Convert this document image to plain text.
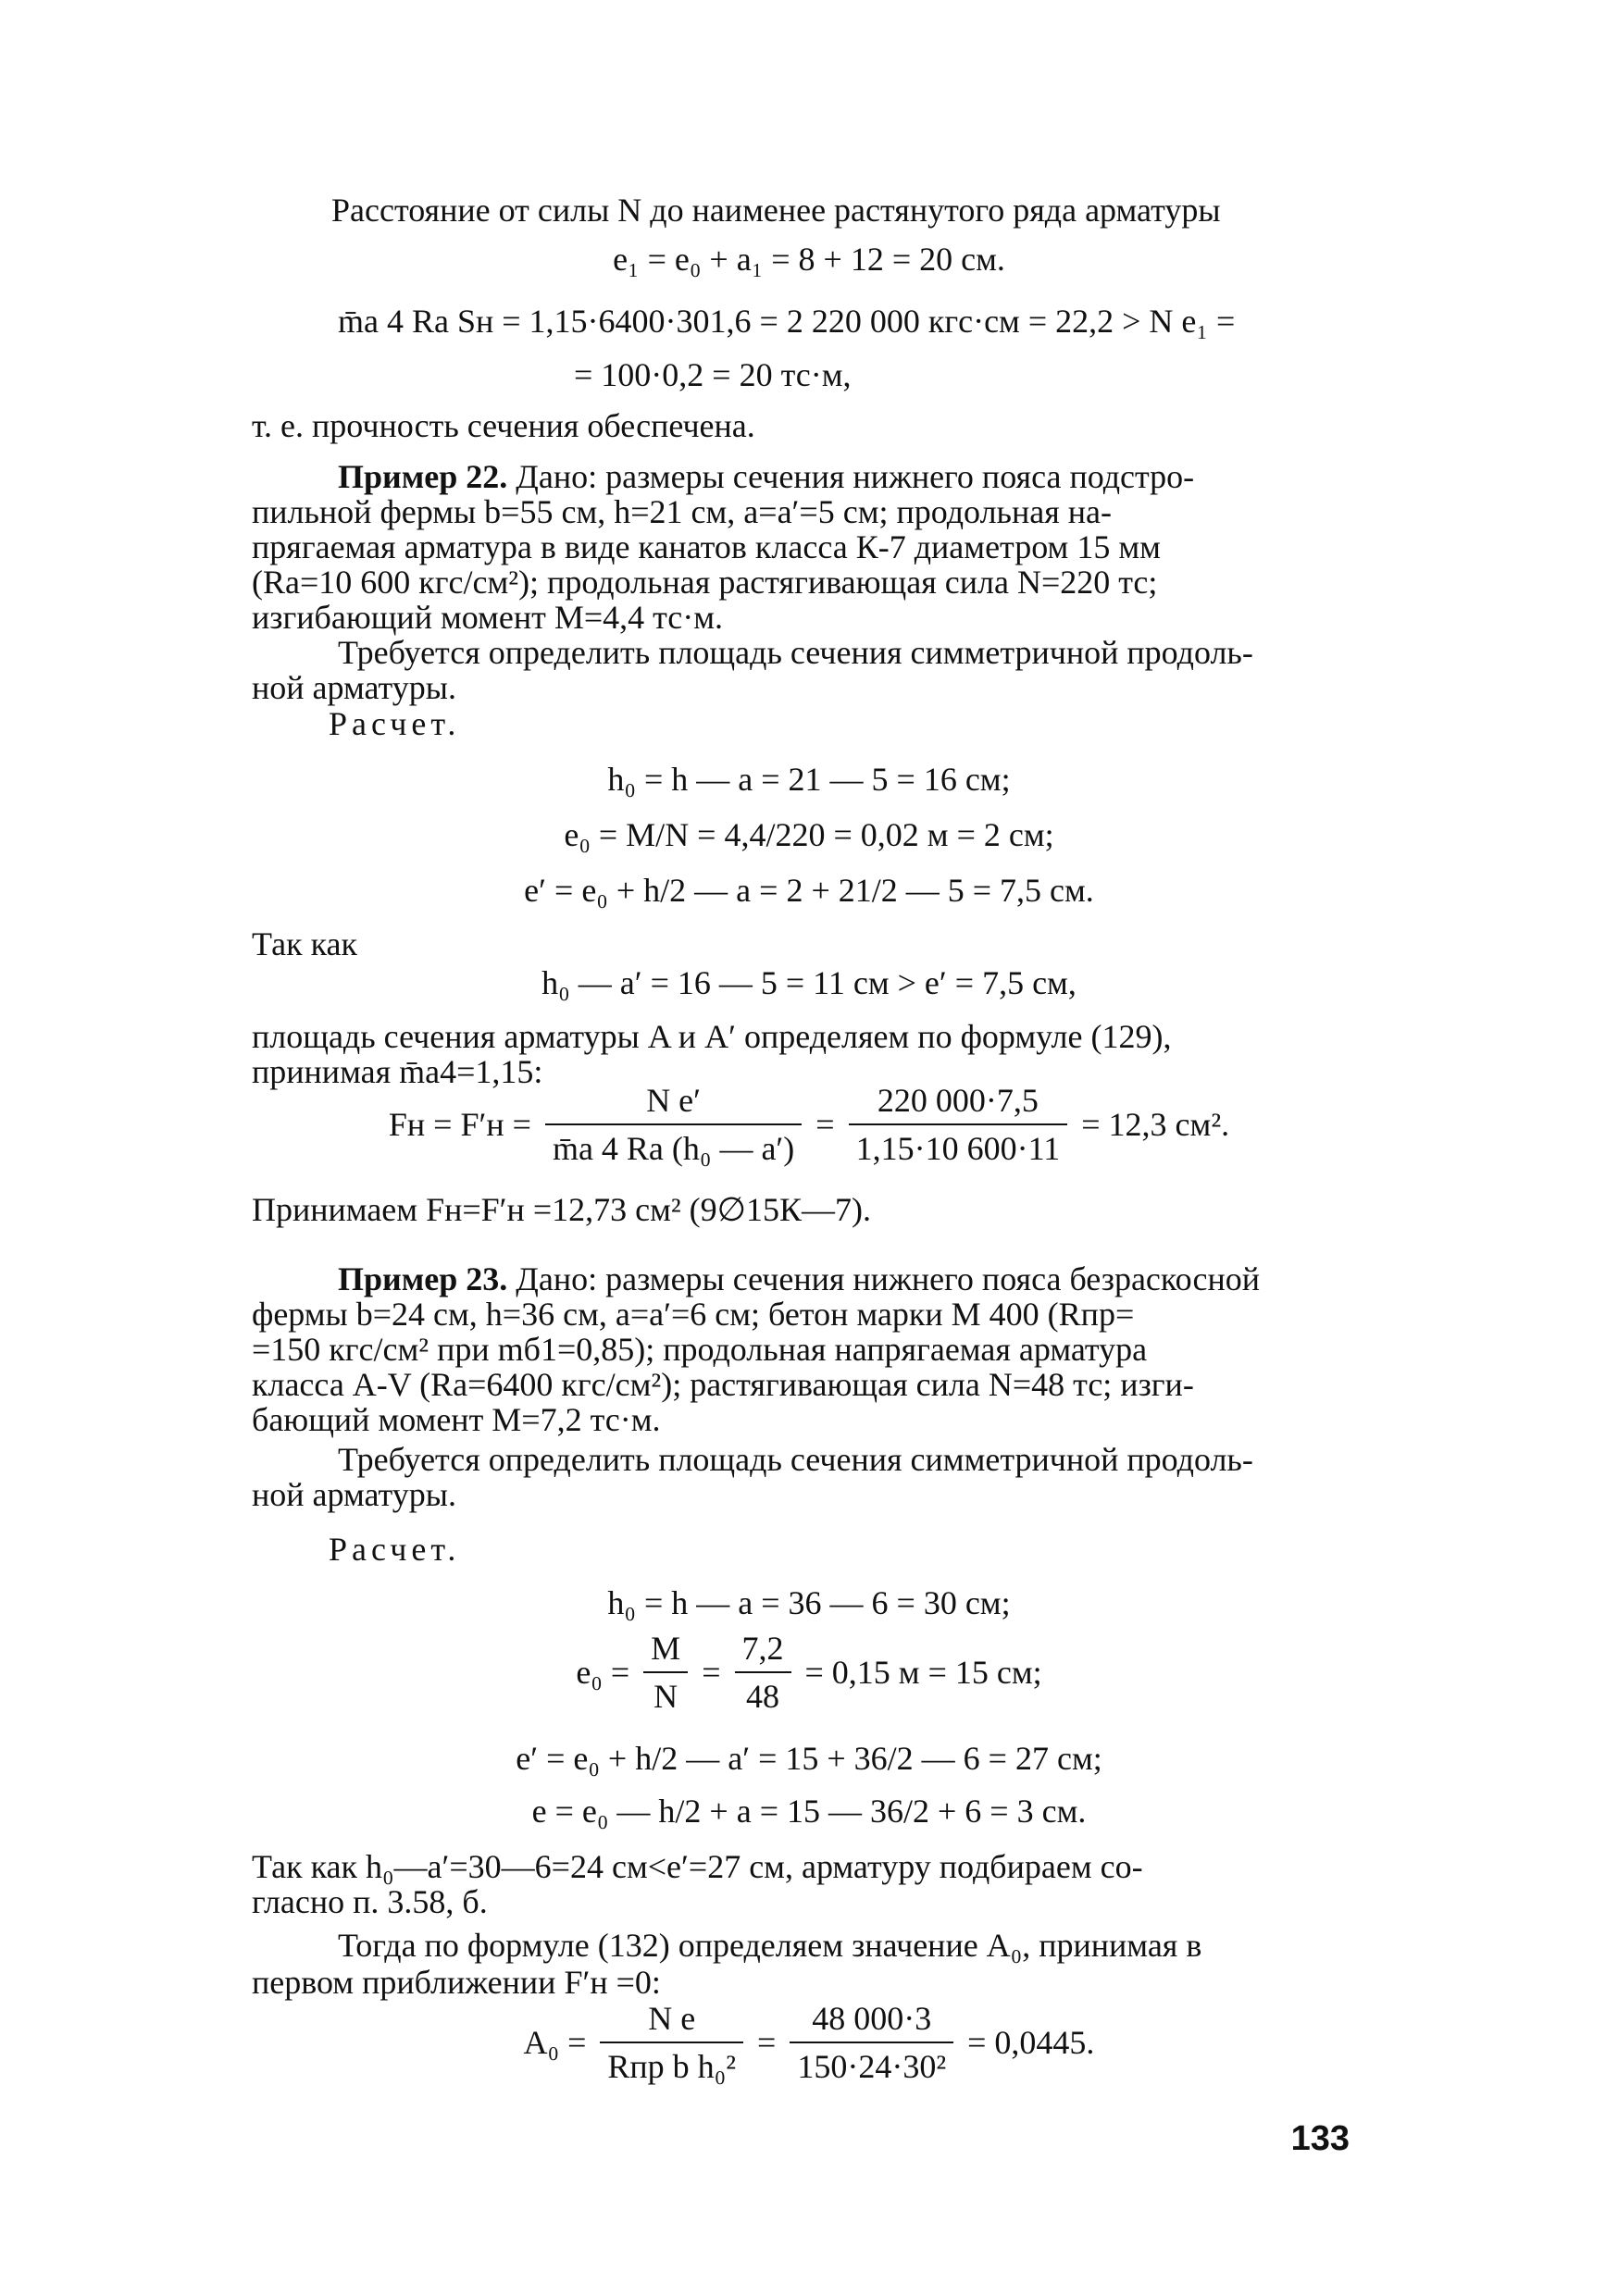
Расстояние от силы N до наименее растянутого ряда арматуры
e₁ = e₀ + a₁ = 8 + 12 = 20 см.
m̄а 4 Rа Sн = 1,15·6400·301,6 = 2 220 000 кгс·см = 22,2 > N e₁ =
= 100·0,2 = 20 тс·м,
т. е. прочность сечения обеспечена.
Пример 22. Дано: размеры сечения нижнего пояса подстро-
пильной фермы b=55 см, h=21 см, a=a′=5 см; продольная на-
прягаемая арматура в виде канатов класса К-7 диаметром 15 мм
(Rа=10 600 кгс/см²); продольная растягивающая сила N=220 тс;
изгибающий момент M=4,4 тс·м.
Требуется определить площадь сечения симметричной продоль-
ной арматуры.
Расчет.
h₀ = h — a = 21 — 5 = 16 см;
e₀ = M/N = 4,4/220 = 0,02 м = 2 см;
e′ = e₀ + h/2 — a = 2 + 21/2 — 5 = 7,5 см.
Так как
h₀ — a′ = 16 — 5 = 11 см > e′ = 7,5 см,
площадь сечения арматуры A и A′ определяем по формуле (129),
принимая m̄а4=1,15:
Fн = $F'н = \frac{\text{N e′}}{\text{m̄а 4 Rа (h₀ — a′)}} = \frac{220 000\cdot 7,5}{1,15\cdot 10 600\cdot 11} = 12,3$ см².
Принимаем Fн=F′н =12,73 см² (9∅15К—7).
Пример 23. Дано: размеры сечения нижнего пояса безраскосной
фермы b=24 см, h=36 см, a=a′=6 см; бетон марки М 400 (Rпр=
=150 кгс/см² при mб1=0,85); продольная напрягаемая арматура
класса A-V (Rа=6400 кгс/см²); растягивающая сила N=48 тс; изги-
бающий момент M=7,2 тс·м.
Требуется определить площадь сечения симметричной продоль-
ной арматуры.
Расчет.
h₀ = h — a = 36 — 6 = 30 см;
$e_0 = \frac{M}{N} = \frac{7,2}{48} = 0,15$ м = 15 см;
e′ = e₀ + h/2 — a′ = 15 + 36/2 — 6 = 27 см;
e = e₀ — h/2 + a = 15 — 36/2 + 6 = 3 см.
Так как h₀—a′=30—6=24 см<e′=27 см, арматуру подбираем со-
гласно п. 3.58, б.
Тогда по формуле (132) определяем значение A₀, принимая в
первом приближении F′н =0:
$A_0 = \frac{\text{N e}}{\text{Rпр b h₀²}} = \frac{48 000\cdot 3}{\text{150·24·30²}} = 0,0445$.
133
